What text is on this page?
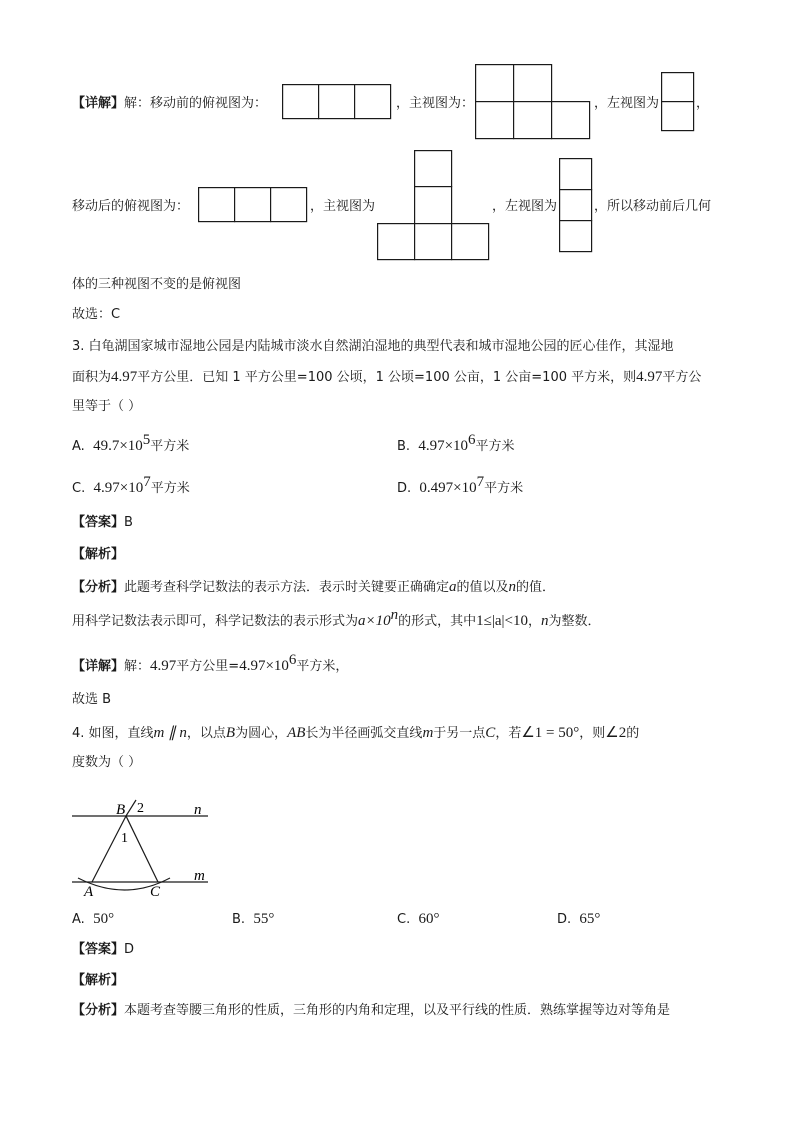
【详解】解：移动前的俯视图为：	，主视图为：	，左视图为	，
移动后的俯视图为：	，主视图为	，左视图为	，所以移动前后几何
体的三种视图不变的是俯视图
故选：C
3. 白龟湖国家城市湿地公园是内陆城市淡水自然湖泊湿地的典型代表和城市湿地公园的匠心佳作，其湿地
面积为4.97平方公里．已知 1 平方公里=100 公顷，1 公顷=100 公亩，1 公亩=100 平方米，则4.97平方公
里等于（ ）
A. $49.7\times 10^5$平方米	B. $4.97\times 10^6$平方米
C. $4.97\times 10^7$平方米	D. $0.497\times 10^7$平方米
【答案】B
【解析】
【分析】此题考查科学记数法的表示方法．表示时关键要正确确定a的值以及n的值．
用科学记数法表示即可，科学记数法的表示形式为$a\times 10^n$的形式，其中1≤|a|<10，n为整数．
【详解】解：4.97平方公里$=4.97\times 10^6$平方米，
故选 B
4. 如图，直线m ∥ n，以点B为圆心，AB长为半径画弧交直线m于另一点C，若∠1 = 50°，则∠2的
度数为（ ）
B 2
1
n
m
A	C
A. 50°	B. 55°	C. 60°	D. 65°
【答案】D
【解析】
【分析】本题考查等腰三角形的性质，三角形的内角和定理，以及平行线的性质．熟练掌握等边对等角是
